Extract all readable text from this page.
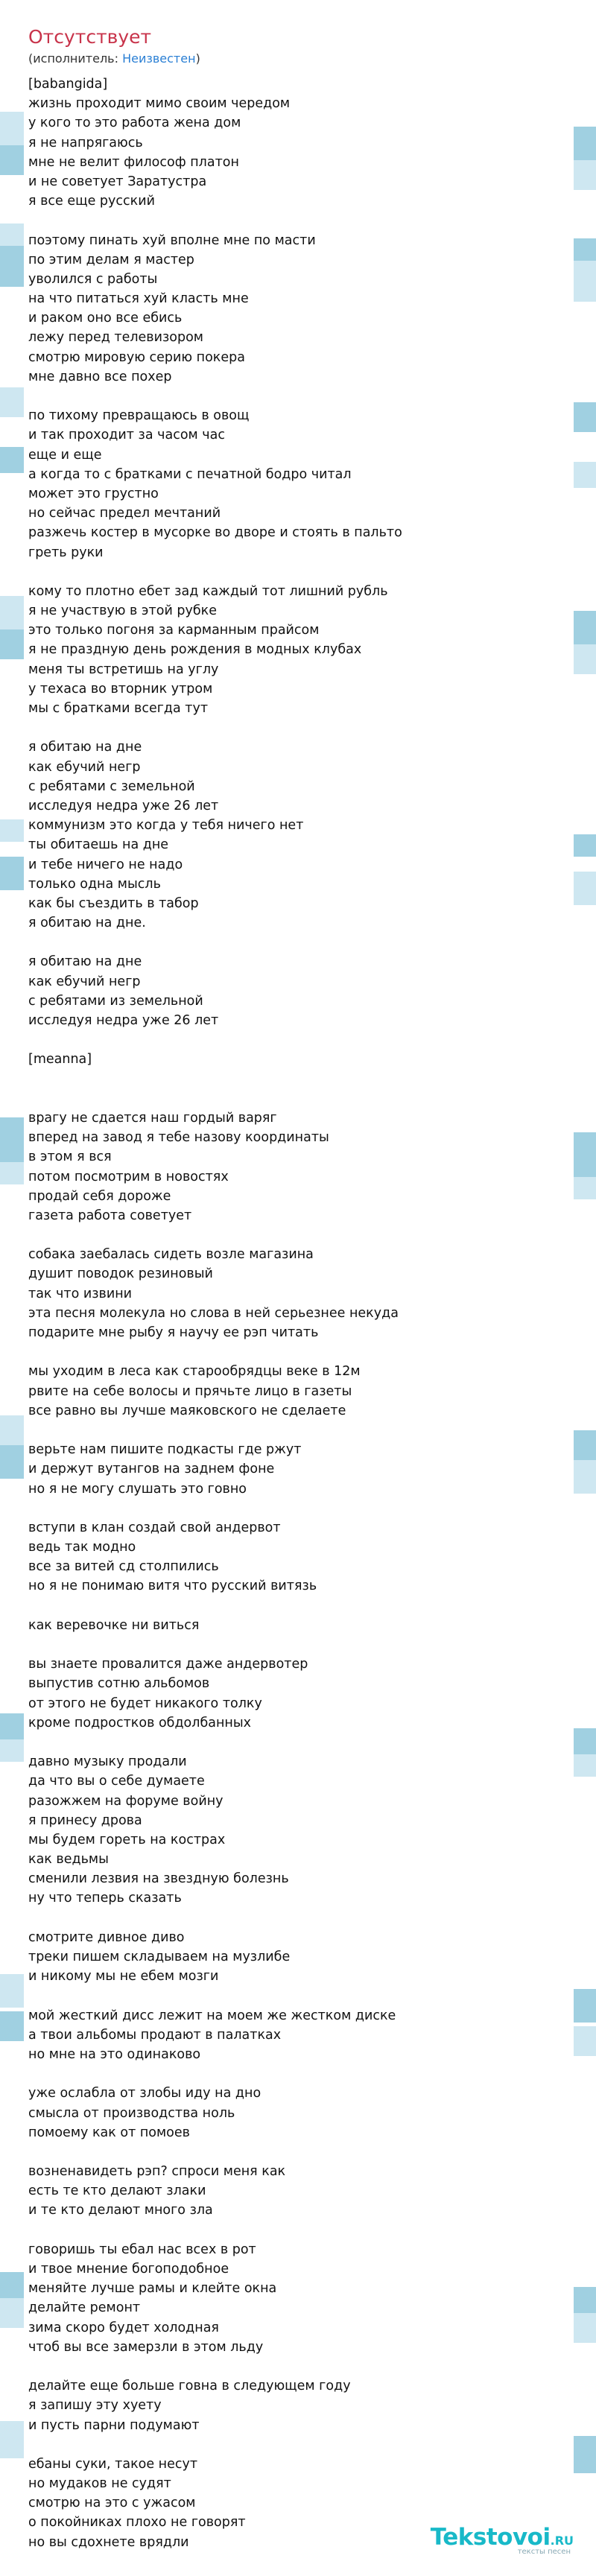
Отсутствует
(исполнитель: Неизвестен)
[babangida]
жизнь проходит мимо своим чередом
у кого то это работа жена дом
я не напрягаюсь
мне не велит философ платон
и не советует Заратустра
я все еще русский

поэтому пинать хуй вполне мне по масти
по этим делам я мастер
уволился с работы
на что питаться хуй класть мне
и раком оно все ебись
лежу перед телевизором
смотрю мировую серию покера
мне давно все похер

по тихому превращаюсь в овощ
и так проходит за часом час
еще и еще
а когда то с братками с печатной бодро читал
может это грустно
но сейчас предел мечтаний
разжечь костер в мусорке во дворе и стоять в пальто
греть руки

кому то плотно ебет зад каждый тот лишний рубль
я не участвую в этой рубке
это только погоня за карманным прайсом
я не праздную день рождения в модных клубах
меня ты встретишь на углу
у техаса во вторник утром
мы с братками всегда тут

я обитаю на дне
как ебучий негр
с ребятами с земельной
исследуя недра уже 26 лет
коммунизм это когда у тебя ничего нет
ты обитаешь на дне
и тебе ничего не надо
только одна мысль
как бы съездить в табор
я обитаю на дне.

я обитаю на дне
как ебучий негр
с ребятами из земельной
исследуя недра уже 26 лет

[meanna]

врагу не сдается наш гордый варяг
вперед на завод я тебе назову координаты
в этом я вся
потом посмотрим в новостях
продай себя дороже
газета работа советует

собака заебалась сидеть возле магазина
душит поводок резиновый
так что извини
эта песня молекула но слова в ней серьезнее некуда
подарите мне рыбу я научу ее рэп читать

мы уходим в леса как старообрядцы веке в 12м
рвите на себе волосы и прячьте лицо в газеты
все равно вы лучше маяковского не сделаете

верьте нам пишите подкасты где ржут
и держут вутангов на заднем фоне
но я не могу слушать это говно

вступи в клан создай свой андервот
ведь так модно
все за витей сд столпились
но я не понимаю витя что русский витязь

как веревочке ни виться

вы знаете провалится даже андервотер
выпустив сотню альбомов
от этого не будет никакого толку
кроме подростков обдолбанных

давно музыку продали
да что вы о себе думаете
разожжем на форуме войну
я принесу дрова
мы будем гореть на кострах
как ведьмы
сменили лезвия на звездную болезнь
ну что теперь сказать

смотрите дивное диво
треки пишем складываем на музлибе
и никому мы не ебем мозги

мой жесткий дисс лежит на моем же жестком диске
а твои альбомы продают в палатках
но мне на это одинаково

уже ослабла от злобы иду на дно
смысла от производства ноль
помоему как от помоев

возненавидеть рэп? спроси меня как
есть те кто делают злаки
и те кто делают много зла

говоришь ты ебал нас всех в рот
и твое мнение богоподобное
меняйте лучше рамы и клейте окна
делайте ремонт
зима скоро будет холодная
чтоб вы все замерзли в этом льду

делайте еще больше говна в следующем году
я запишу эту хуету
и пусть парни подумают

ебаны суки, такое несут
но мудаков не судят
смотрю на это с ужасом
о покойниках плохо не говорят
но вы сдохнете врядли	Tekstovoi.RU
тексты песен
